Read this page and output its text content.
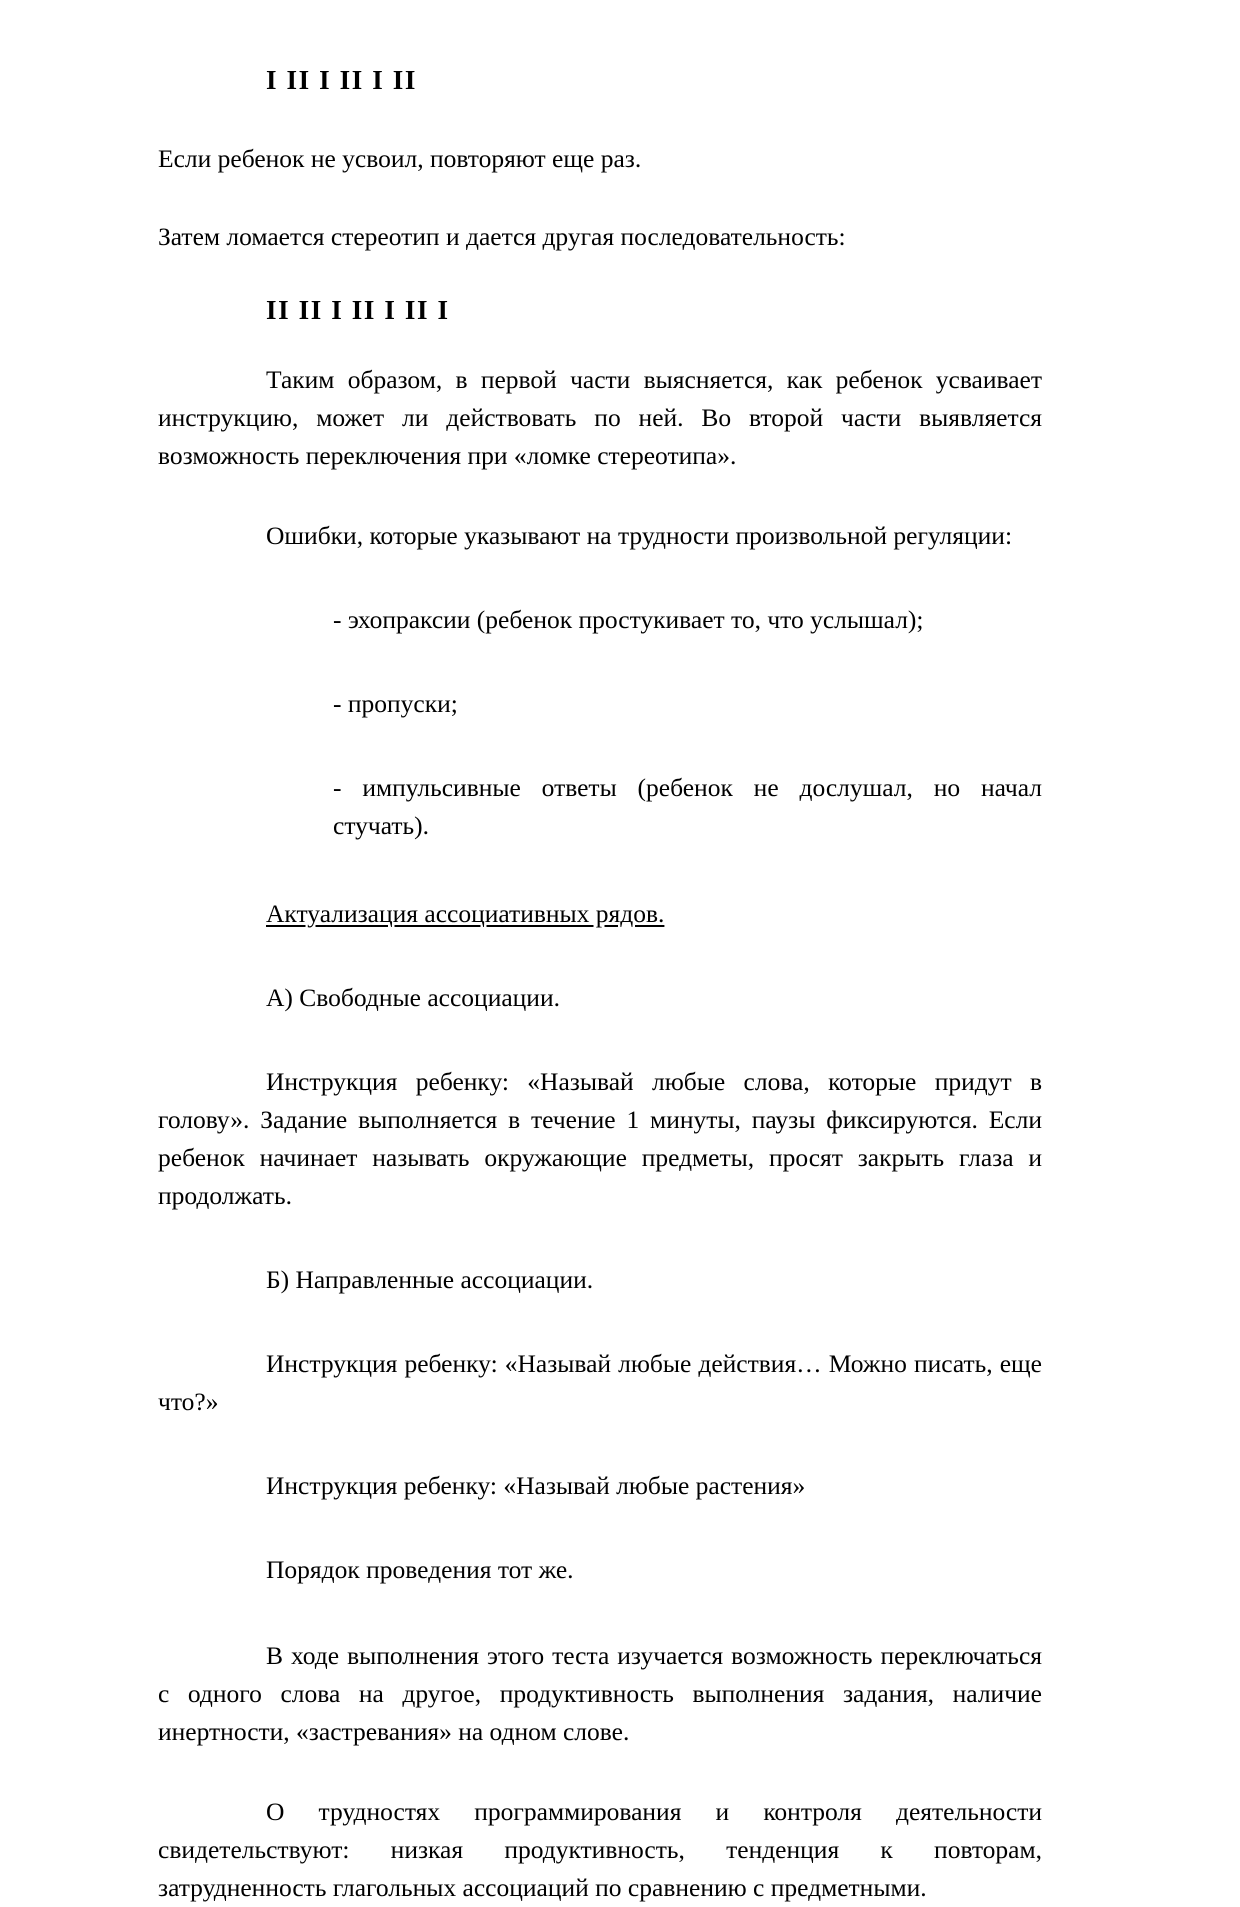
I II I II I II

Если ребенок не усвоил, повторяют еще раз.

Затем ломается стереотип и дается другая последовательность:

II II I II I II I

Таким образом, в первой части выясняется, как ребенок усваивает инструкцию, может ли действовать по ней. Во второй части выявляется возможность переключения при «ломке стереотипа».

Ошибки, которые указывают на трудности произвольной регуляции:

- эхопраксии (ребенок простукивает то, что услышал);

- пропуски;

- импульсивные ответы (ребенок не дослушал, но начал стучать).

Актуализация ассоциативных рядов.

А) Свободные ассоциации.

Инструкция ребенку: «Называй любые слова, которые придут в голову». Задание выполняется в течение 1 минуты, паузы фиксируются. Если ребенок начинает называть окружающие предметы, просят закрыть глаза и продолжать.

Б) Направленные ассоциации.

Инструкция ребенку: «Называй любые действия… Можно писать, еще что?»

Инструкция ребенку: «Называй любые растения»

Порядок проведения тот же.

В ходе выполнения этого теста изучается возможность переключаться с одного слова на другое, продуктивность выполнения задания, наличие инертности, «застревания» на одном слове.

О трудностях программирования и контроля деятельности свидетельствуют: низкая продуктивность, тенденция к повторам, затрудненность глагольных ассоциаций по сравнению с предметными.
